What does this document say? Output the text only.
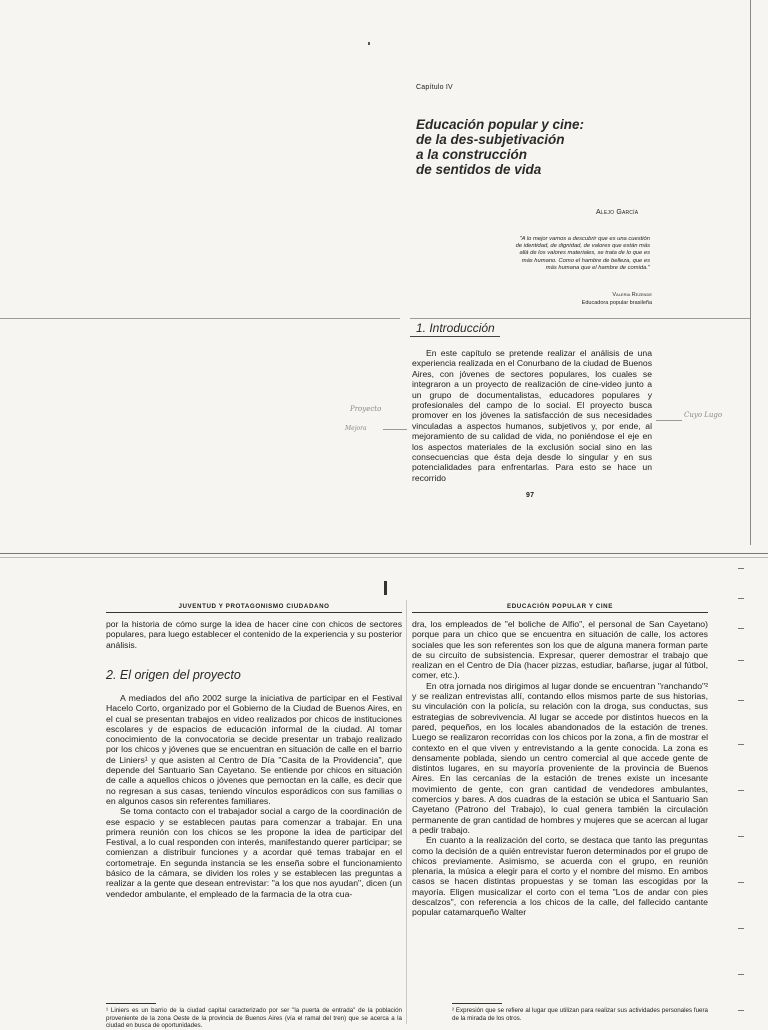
Capítulo IV
Educación popular y cine:
de la des-subjetivación
a la construcción
de sentidos de vida
Alejo García
"A lo mejor vamos a descubrir que es una cuestión de identidad, de dignidad, de valores que están más allá de los valores materiales, se trata de lo que es más humano. Como el hambre de belleza, que es más humana que el hambre de comida."
Valeria Rezende
Educadora popular brasileña
1. Introducción

En este capítulo se pretende realizar el análisis de una experiencia realizada en el Conurbano de la ciudad de Buenos Aires, con jóvenes de sectores populares, los cuales se integraron a un proyecto de realización de cine-video junto a un grupo de documentalistas, educadores populares y profesionales del campo de lo social. El proyecto busca promover en los jóvenes la satisfacción de sus necesidades vinculadas a aspectos humanos, subjetivos y, por ende, al mejoramiento de su calidad de vida, no poniéndose el eje en los aspectos materiales de la exclusión social sino en las consecuencias que ésta deja desde lo singular y en sus potencialidades para enfrentarlas. Para esto se hace un recorrido

97
Proyecto
Mejora
Cuyo Lugo
JUVENTUD Y PROTAGONISMO CIUDADANO

por la historia de cómo surge la idea de hacer cine con chicos de sectores populares, para luego establecer el contenido de la experiencia y su posterior análisis.

2. El origen del proyecto

A mediados del año 2002 surge la iniciativa de participar en el Festival Hacelo Corto, organizado por el Gobierno de la Ciudad de Buenos Aires, en el cual se presentan trabajos en video realizados por chicos de instituciones escolares y de espacios de educación informal de la ciudad. Al tomar conocimiento de la convocatoria se decide presentar un trabajo realizado por los chicos y jóvenes que se encuentran en situación de calle en el barrio de Liniers¹ y que asisten al Centro de Día "Casita de la Providencia", que depende del Santuario San Cayetano. Se entiende por chicos en situación de calle a aquellos chicos o jóvenes que pernoctan en la calle, es decir que no regresan a sus casas, teniendo vínculos esporádicos con sus familias o en algunos casos sin referentes familiares.

Se toma contacto con el trabajador social a cargo de la coordinación de ese espacio y se establecen pautas para comenzar a trabajar. En una primera reunión con los chicos se les propone la idea de participar del Festival, a lo cual responden con interés, manifestando querer participar; se comienzan a distribuir funciones y a acordar qué temas trabajar en el cortometraje. En segunda instancia se les enseña sobre el funcionamiento básico de la cámara, se dividen los roles y se establecen las preguntas a realizar a la gente que desean entrevistar: "a los que nos ayudan", dicen (un vendedor ambulante, el empleado de la farmacia de la otra cua-

¹ Liniers es un barrio de la ciudad capital caracterizado por ser "la puerta de entrada" de la población proveniente de la zona Oeste de la provincia de Buenos Aires (vía el ramal del tren) que se acerca a la ciudad en busca de oportunidades.
EDUCACIÓN POPULAR Y CINE

dra, los empleados de "el boliche de Alfio", el personal de San Cayetano) porque para un chico que se encuentra en situación de calle, los actores sociales que les son referentes son los que de alguna manera forman parte de su circuito de subsistencia. Expresar, querer demostrar el trabajo que realizan en el Centro de Día (hacer pizzas, estudiar, bañarse, jugar al fútbol, comer, etc.).

En otra jornada nos dirigimos al lugar donde se encuentran "ranchando"² y se realizan entrevistas allí, contando ellos mismos parte de sus historias, su vinculación con la policía, su relación con la droga, sus conductas, sus estrategias de sobrevivencia. Al lugar se accede por distintos huecos en la pared, pequeños, en los locales abandonados de la estación de trenes. Luego se realizaron recorridas con los chicos por la zona, a fin de mostrar el contexto en el que viven y entrevistando a la gente conocida. La zona es densamente poblada, siendo un centro comercial al que accede gente de distintos lugares, en su mayoría proveniente de la provincia de Buenos Aires. En las cercanías de la estación de trenes existe un incesante movimiento de gente, con gran cantidad de vendedores ambulantes, comercios y bares. A dos cuadras de la estación se ubica el Santuario San Cayetano (Patrono del Trabajo), lo cual genera también la circulación permanente de gran cantidad de hombres y mujeres que se acercan al lugar a pedir trabajo.

En cuanto a la realización del corto, se destaca que tanto las preguntas como la decisión de a quién entrevistar fueron determinados por el grupo de chicos previamente. Asimismo, se acuerda con el grupo, en reunión plenaria, la música a elegir para el corto y el nombre del mismo. En ambos casos se hacen distintas propuestas y se toman las escogidas por la mayoría. Eligen musicalizar el corto con el tema "Los de andar con pies descalzos", con referencia a los chicos de la calle, del fallecido cantante popular catamarqueño Walter

² Expresión que se refiere al lugar que utilizan para realizar sus actividades personales fuera de la mirada de los otros.
